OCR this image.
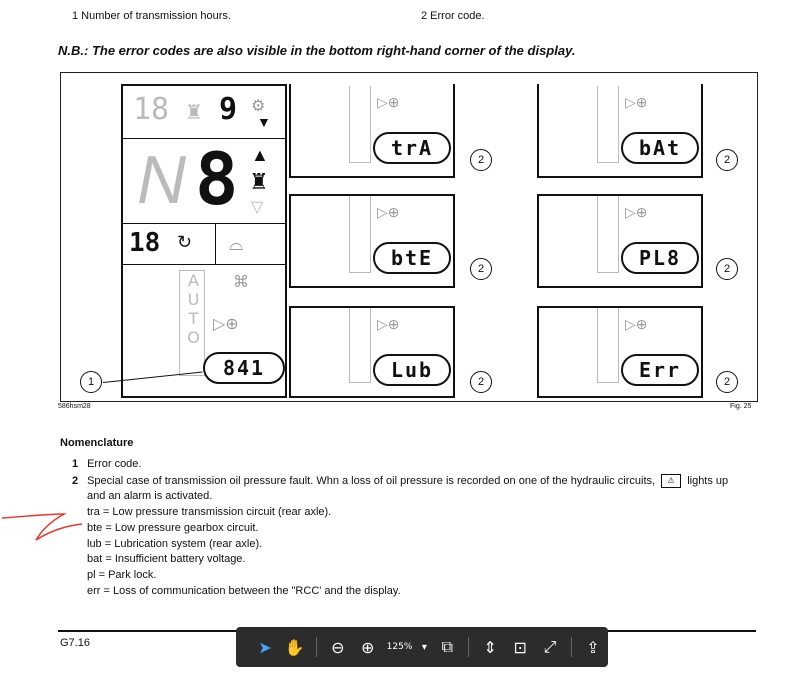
1 Number of transmission hours.	2 Error code.
N.B.: The error codes are also visible in the bottom right-hand corner of the display.
18 ♜ 9 ⚙
▼
N 8 ▲
♜
▽
18 ↻ ⌓
AUTO ⌘
▷⊕
841
1
▷⊕
trA	2
▷⊕
btE	2
▷⊕
Lub	2
▷⊕
bAt	2
▷⊕
PL8	2
▷⊕
Err	2
586hsm28	Fig. 25
Nomenclature
1 Error code.
2 Special case of transmission oil pressure fault. Whn a loss of oil pressure is recorded on one of the hydraulic circuits, ⚠ lights up
and an alarm is activated.
tra = Low pressure transmission circuit (rear axle).
bte = Low pressure gearbox circuit.
lub = Lubrication system (rear axle).
bat = Insufficient battery voltage.
pl = Park lock.
err = Loss of communication between the "RCC' and the display.
G7.16	➤ ✋	⊖	⊕	125% ▾ ⧉	⇕	⊡	⤢	⇪
